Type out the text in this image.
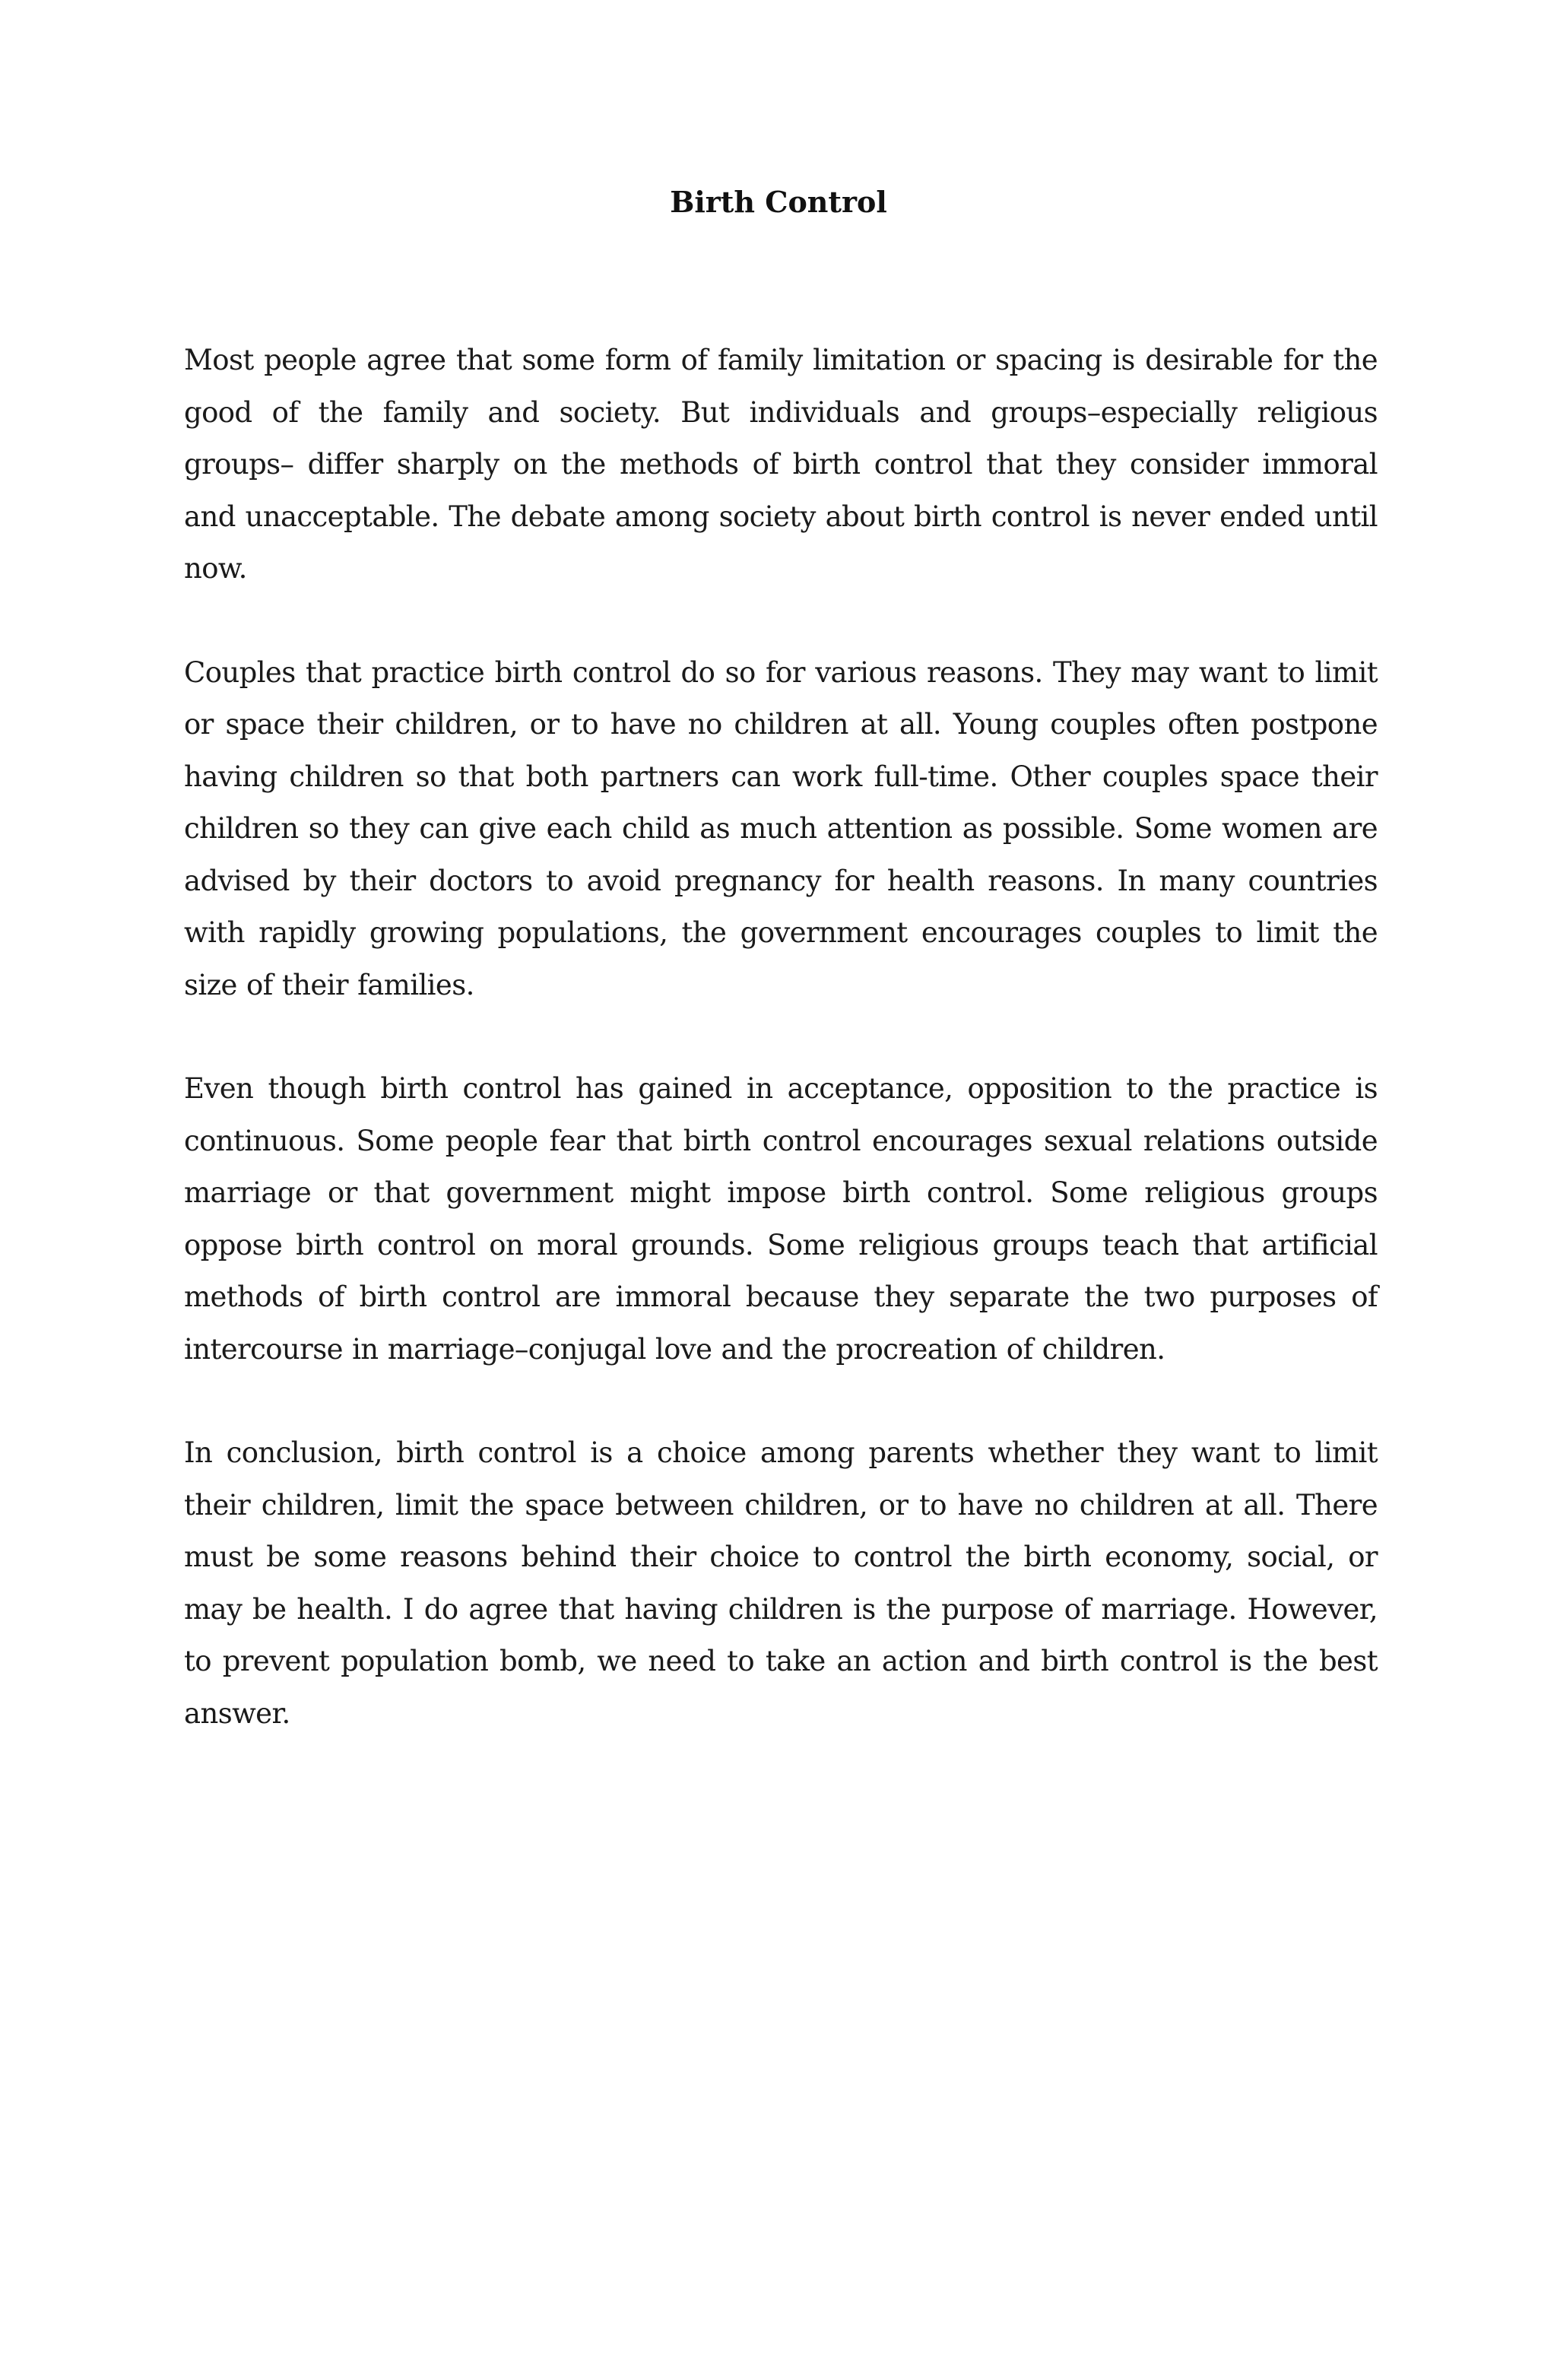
Birth Control

Most people agree that some form of family limitation or spacing is desirable for the good of the family and society. But individuals and groups–especially religious groups– differ sharply on the methods of birth control that they consider immoral and unacceptable. The debate among society about birth control is never ended until now.

Couples that practice birth control do so for various reasons. They may want to limit or space their children, or to have no children at all. Young couples often postpone having children so that both partners can work full-time. Other couples space their children so they can give each child as much attention as possible. Some women are advised by their doctors to avoid pregnancy for health reasons. In many countries with rapidly growing populations, the government encourages couples to limit the size of their families.

Even though birth control has gained in acceptance, opposition to the practice is continuous. Some people fear that birth control encourages sexual relations outside marriage or that government might impose birth control. Some religious groups oppose birth control on moral grounds. Some religious groups teach that artificial methods of birth control are immoral because they separate the two purposes of intercourse in marriage–conjugal love and the procreation of children.

In conclusion, birth control is a choice among parents whether they want to limit their children, limit the space between children, or to have no children at all. There must be some reasons behind their choice to control the birth economy, social, or may be health. I do agree that having children is the purpose of marriage. However, to prevent population bomb, we need to take an action and birth control is the best answer.
